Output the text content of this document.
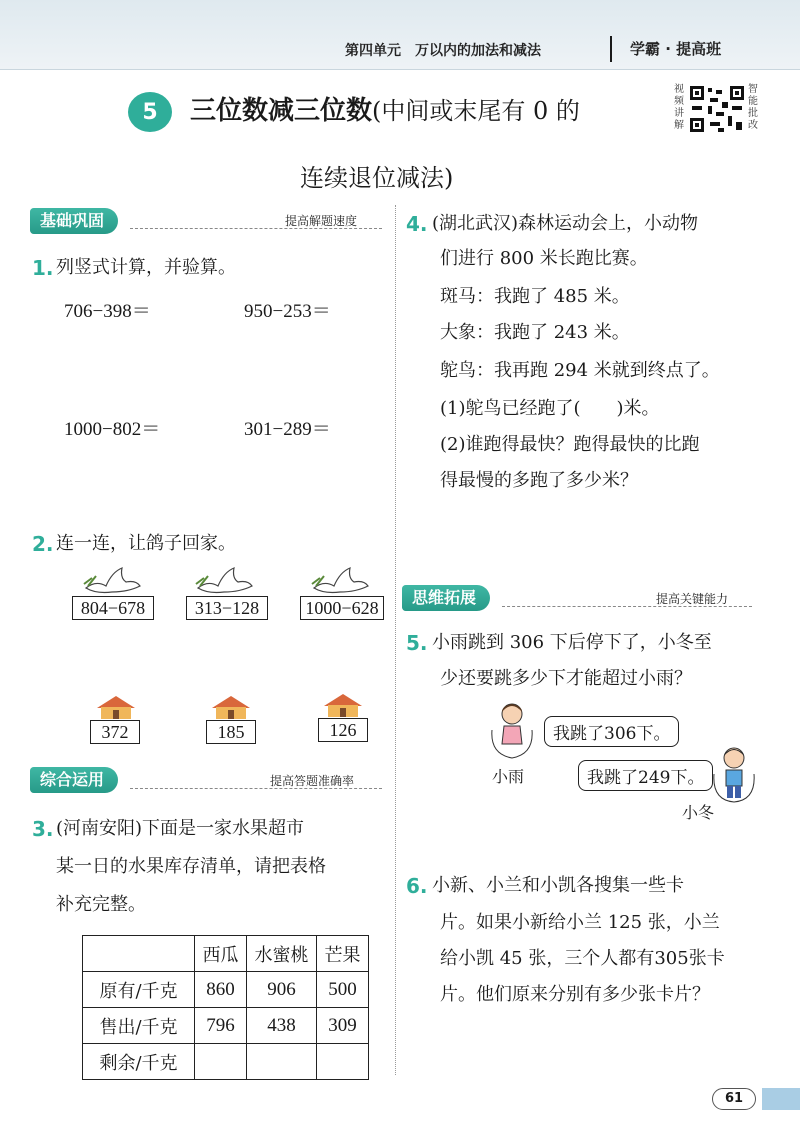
第四单元　万以内的加法和减法	学霸 · 提高班
5	三位数减三位数(中间或末尾有 0 的
连续退位减法)
视频讲解
智能批改
基础巩固	提高解题速度
1. 列竖式计算，并验算。
706−398＝	950−253＝
1000−802＝	301−289＝
2. 连一连，让鸽子回家。
804−678	313−128	1000−628
372	185	126
综合运用	提高答题准确率
3. (河南安阳)下面是一家水果超市
某一日的水果库存清单，请把表格
补充完整。
	西瓜	水蜜桃	芒果
原有/千克	860	906	500
售出/千克	796	438	309
剩余/千克			
4. (湖北武汉)森林运动会上，小动物
们进行 800 米长跑比赛。
斑马：我跑了 485 米。
大象：我跑了 243 米。
鸵鸟：我再跑 294 米就到终点了。
(1)鸵鸟已经跑了(　　)米。
(2)谁跑得最快？跑得最快的比跑
得最慢的多跑了多少米？
思维拓展	提高关键能力
5. 小雨跳到 306 下后停下了，小冬至
少还要跳多少下才能超过小雨？
我跳了306下。
小雨	我跳了249下。
小冬
6. 小新、小兰和小凯各搜集一些卡
片。如果小新给小兰 125 张，小兰
给小凯 45 张，三个人都有305张卡
片。他们原来分别有多少张卡片？
61
